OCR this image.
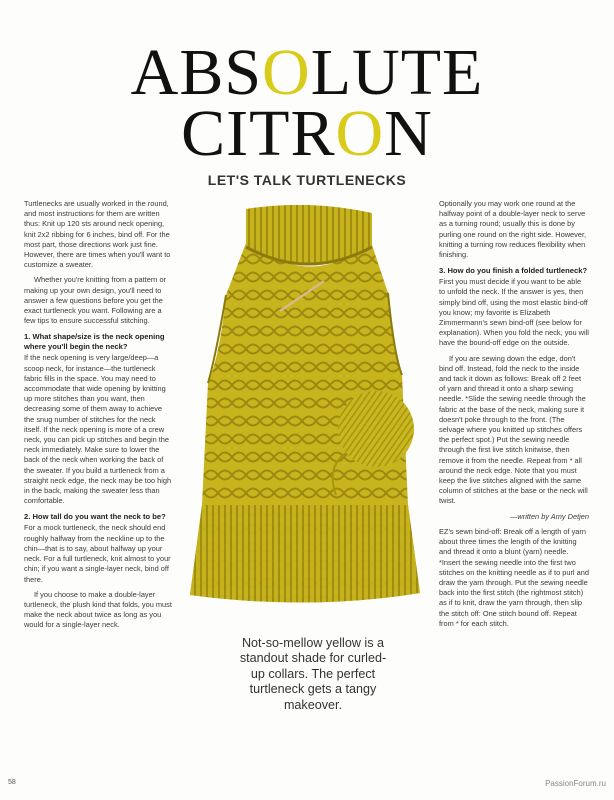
ABSOLUTE
CITRON
LET'S TALK TURTLENECKS

Turtlenecks are usually worked in the round, and most instructions for them are written thus: Knit up 120 sts around neck opening, knit 2x2 ribbing for 6 inches, bind off. For the most part, those directions work just fine. However, there are times when you'll want to customize a sweater.

Whether you're knitting from a pattern or making up your own design, you'll need to answer a few questions before you get the exact turtleneck you want. Following are a few tips to ensure successful stitching.

1. What shape/size is the neck opening where you'll begin the neck?

If the neck opening is very large/deep—a scoop neck, for instance—the turtleneck fabric fills in the space. You may need to accommodate that wide opening by knitting up more stitches than you want, then decreasing some of them away to achieve the snug number of stitches for the neck itself. If the neck opening is more of a crew neck, you can pick up stitches and begin the neck immediately. Make sure to lower the back of the neck when working the back of the sweater. If you build a turtleneck from a straight neck edge, the neck may be too high in the back, making the sweater less than comfortable.

2. How tall do you want the neck to be?

For a mock turtleneck, the neck should end roughly halfway from the neckline up to the chin—that is to say, about halfway up your neck. For a full turtleneck, knit almost to your chin; if you want a single-layer neck, bind off there.

If you choose to make a double-layer turtleneck, the plush kind that folds, you must make the neck about twice as long as you would for a single-layer neck.

Optionally you may work one round at the halfway point of a double-layer neck to serve as a turning round; usually this is done by purling one round on the right side. However, knitting a turning row reduces flexibility when finishing.

3. How do you finish a folded turtleneck?

First you must decide if you want to be able to unfold the neck. If the answer is yes, then simply bind off, using the most elastic bind-off you know; my favorite is Elizabeth Zimmermann's sewn bind-off (see below for explanation). When you fold the neck, you will have the bound-off edge on the outside.

If you are sewing down the edge, don't bind off. Instead, fold the neck to the inside and tack it down as follows: Break off 2 feet of yarn and thread it onto a sharp sewing needle. *Slide the sewing needle through the fabric at the base of the neck, making sure it doesn't poke through to the front. (The selvage where you knitted up stitches offers the perfect spot.) Put the sewing needle through the first live stitch knitwise, then remove it from the needle. Repeat from * all around the neck edge. Note that you must keep the live stitches aligned with the same column of stitches at the base or the neck will twist.

—written by Amy Detjen

EZ's sewn bind-off: Break off a length of yarn about three times the length of the knitting and thread it onto a blunt (yarn) needle. *Insert the sewing needle into the first two stitches on the knitting needle as if to purl and draw the yarn through. Put the sewing needle back into the first stitch (the rightmost stitch) as if to knit, draw the yarn through, then slip the stitch off: One stitch bound off. Repeat from * for each stitch.

Not-so-mellow yellow is a standout shade for curled-up collars. The perfect turtleneck gets a tangy makeover.
58	PassionForum.ru
